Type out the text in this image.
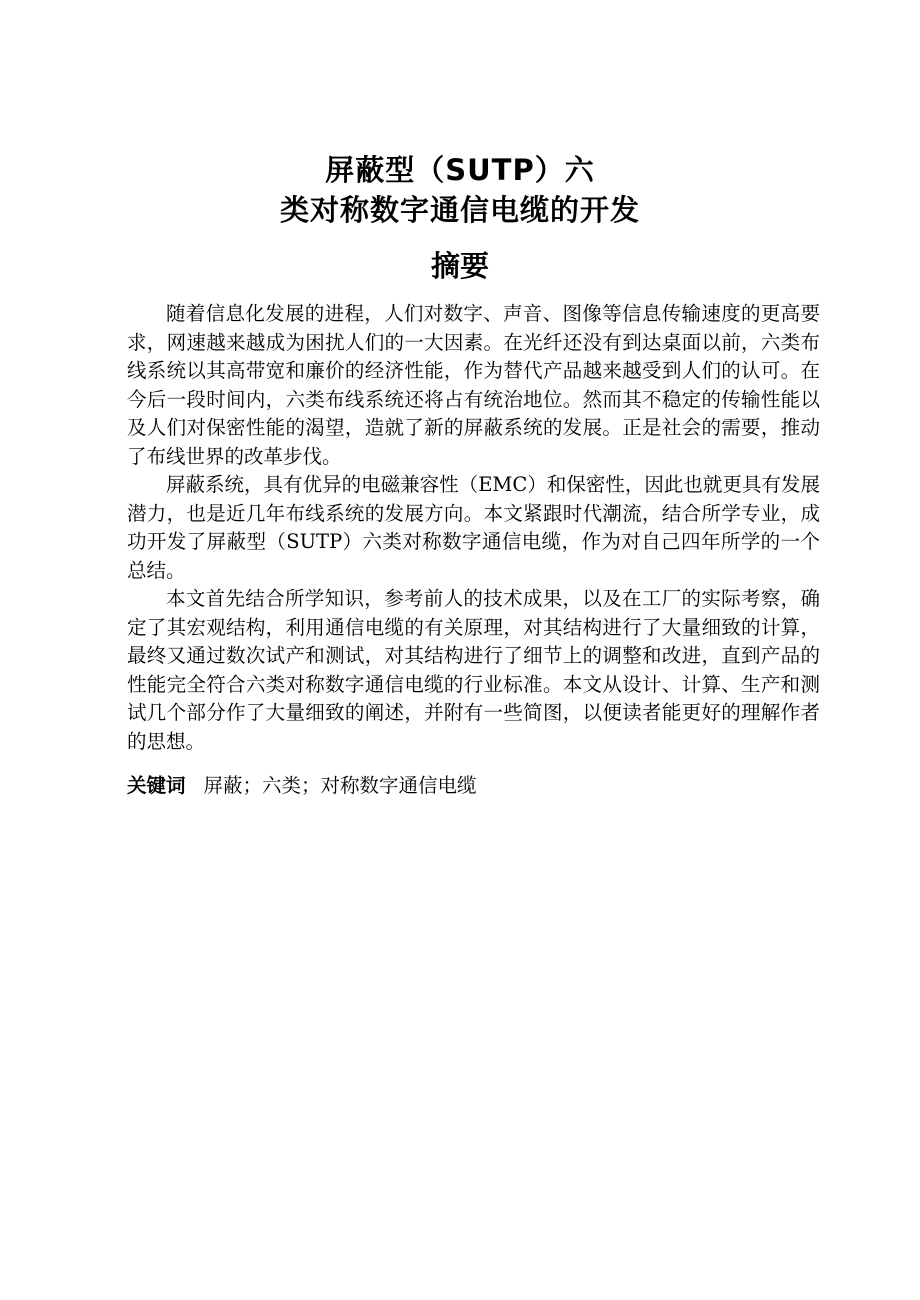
屏蔽型（SUTP）六
类对称数字通信电缆的开发
摘要

随着信息化发展的进程，人们对数字、声音、图像等信息传输速度的更高要求，网速越来越成为困扰人们的一大因素。在光纤还没有到达桌面以前，六类布线系统以其高带宽和廉价的经济性能，作为替代产品越来越受到人们的认可。在今后一段时间内，六类布线系统还将占有统治地位。然而其不稳定的传输性能以及人们对保密性能的渴望，造就了新的屏蔽系统的发展。正是社会的需要，推动了布线世界的改革步伐。

屏蔽系统，具有优异的电磁兼容性（EMC）和保密性，因此也就更具有发展潜力，也是近几年布线系统的发展方向。本文紧跟时代潮流，结合所学专业，成功开发了屏蔽型（SUTP）六类对称数字通信电缆，作为对自己四年所学的一个总结。

本文首先结合所学知识，参考前人的技术成果，以及在工厂的实际考察，确定了其宏观结构，利用通信电缆的有关原理，对其结构进行了大量细致的计算，最终又通过数次试产和测试，对其结构进行了细节上的调整和改进，直到产品的性能完全符合六类对称数字通信电缆的行业标准。本文从设计、计算、生产和测试几个部分作了大量细致的阐述，并附有一些简图，以便读者能更好的理解作者的思想。

关键词 屏蔽；六类；对称数字通信电缆
